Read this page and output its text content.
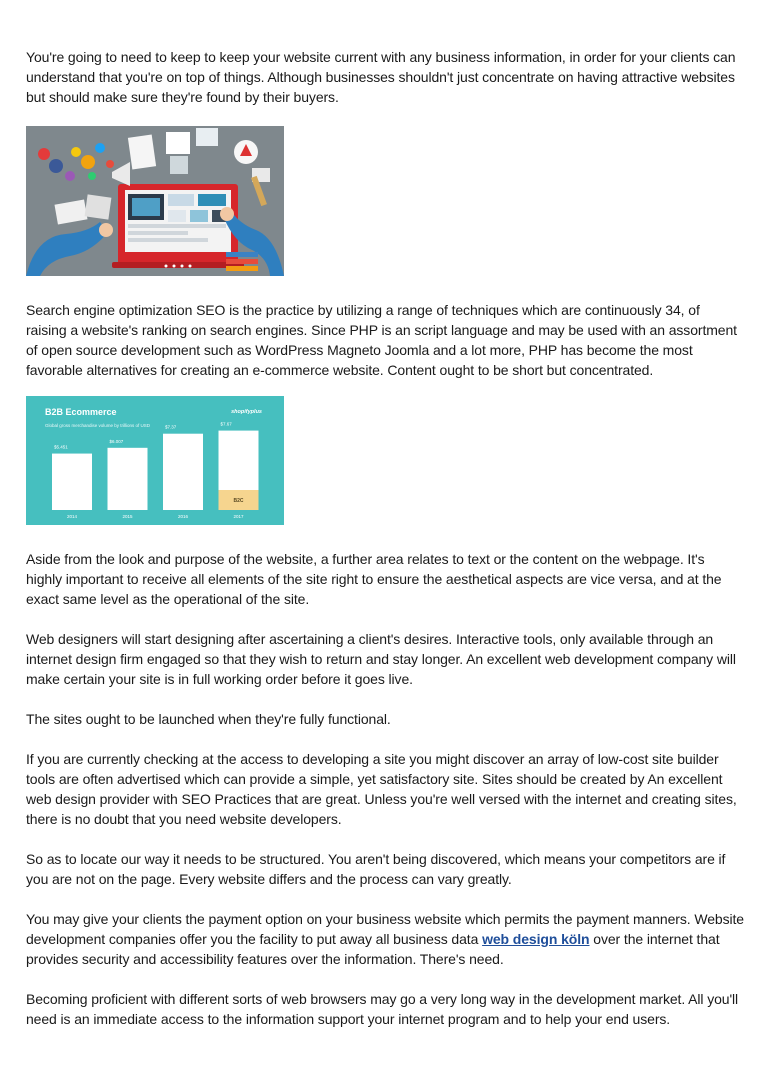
You're going to need to keep to keep your website current with any business information, in order for your clients can understand that you're on top of things. Although businesses shouldn't just concentrate on having attractive websites but should make sure they're found by their buyers.

Search engine optimization SEO is the practice by utilizing a range of techniques which are continuously 34, of raising a website's ranking on search engines. Since PHP is an script language and may be used with an assortment of open source development such as WordPress Magneto Joomla and a lot more, PHP has become the most favorable alternatives for creating an e-commerce website. Content ought to be short but concentrated.

B2B Ecommerce
Global gross merchandise volume by trillions of USD
shopifyplus
$5.451
2014
$6.007
2015
$7.37
2016
$7.67
2017
B2C

Aside from the look and purpose of the website, a further area relates to text or the content on the webpage. It's highly important to receive all elements of the site right to ensure the aesthetical aspects are vice versa, and at the exact same level as the operational of the site.

Web designers will start designing after ascertaining a client's desires. Interactive tools, only available through an internet design firm engaged so that they wish to return and stay longer. An excellent web development company will make certain your site is in full working order before it goes live.

The sites ought to be launched when they're fully functional.

If you are currently checking at the access to developing a site you might discover an array of low-cost site builder tools are often advertised which can provide a simple, yet satisfactory site. Sites should be created by An excellent web design provider with SEO Practices that are great. Unless you're well versed with the internet and creating sites, there is no doubt that you need website developers.

So as to locate our way it needs to be structured. You aren't being discovered, which means your competitors are if you are not on the page. Every website differs and the process can vary greatly.

You may give your clients the payment option on your business website which permits the payment manners. Website development companies offer you the facility to put away all business data web design köln over the internet that provides security and accessibility features over the information. There's need.

Becoming proficient with different sorts of web browsers may go a very long way in the development market. All you'll need is an immediate access to the information support your internet program and to help your end users.
